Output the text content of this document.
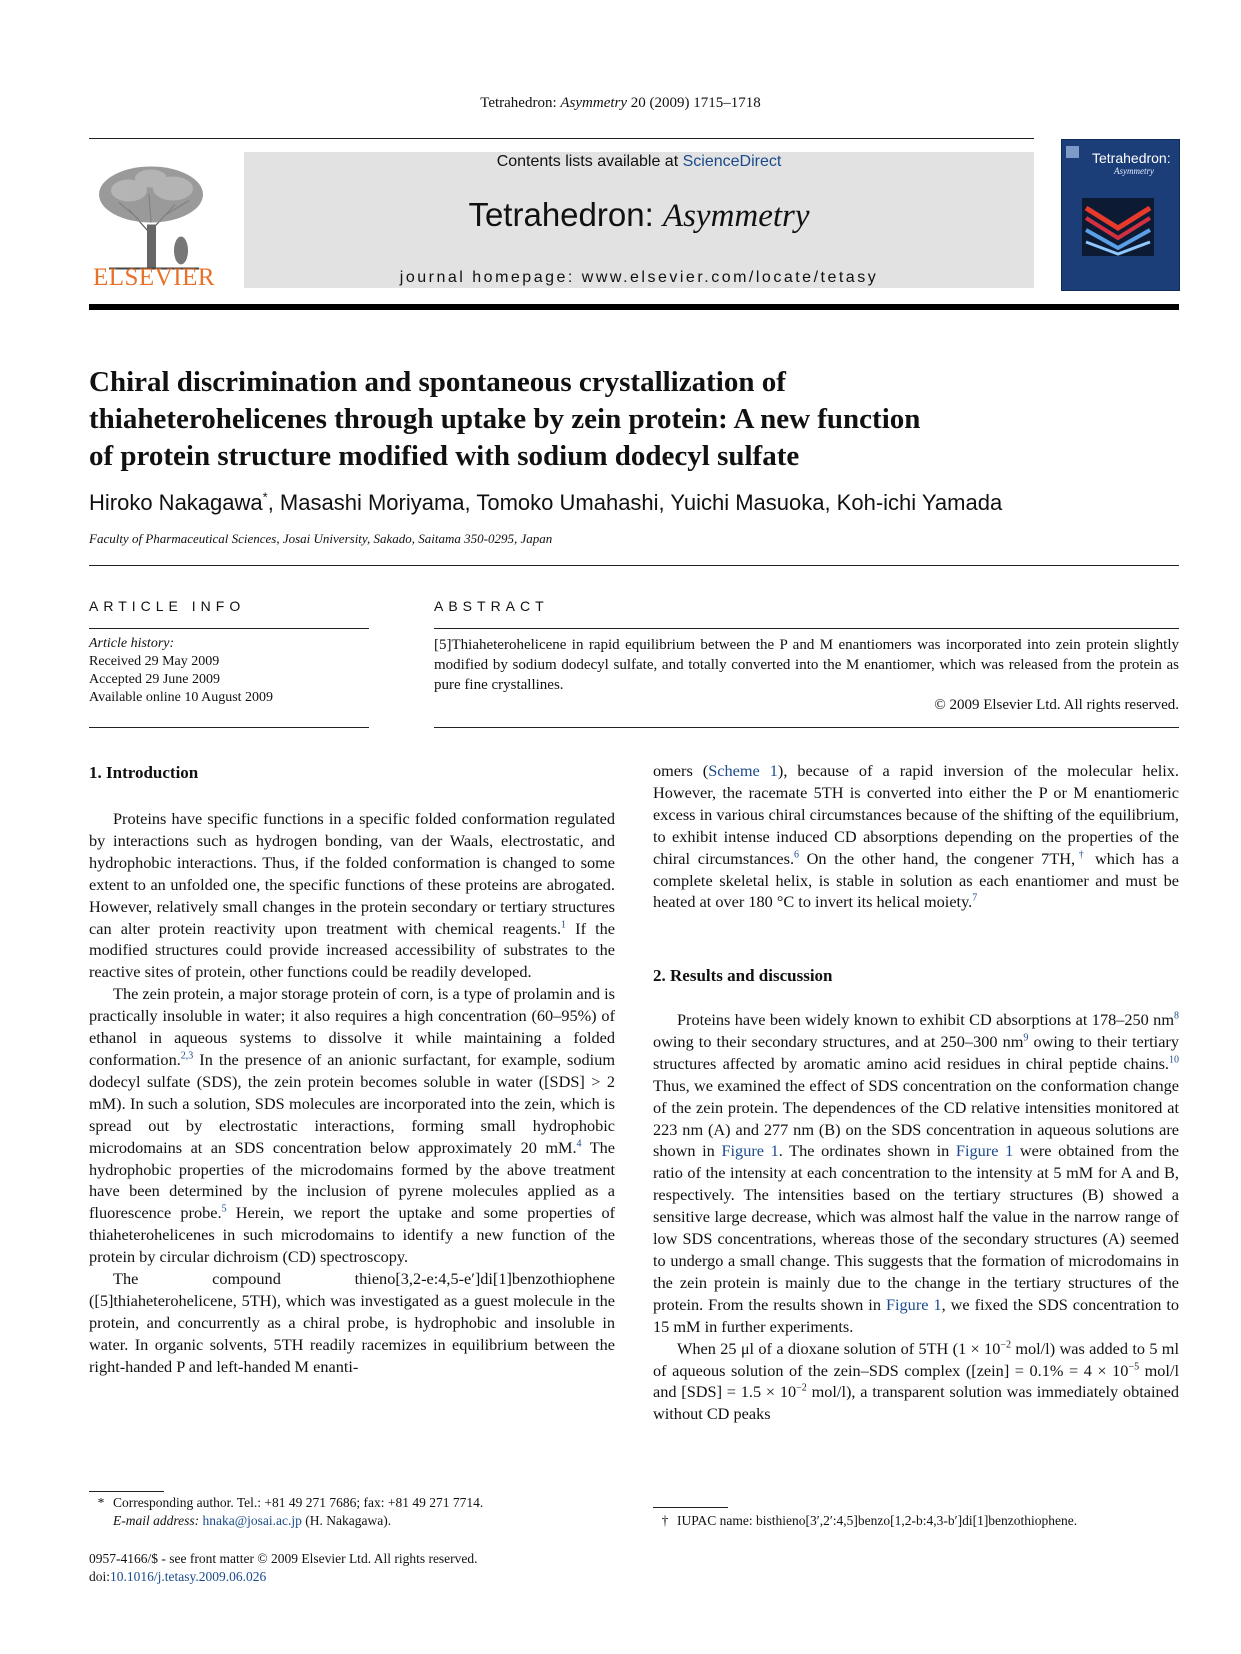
Tetrahedron: Asymmetry 20 (2009) 1715–1718
ELSEVIER
Contents lists available at ScienceDirect
Tetrahedron: Asymmetry
journal homepage: www.elsevier.com/locate/tetasy
Tetrahedron:
Asymmetry
Chiral discrimination and spontaneous crystallization of
thiaheterohelicenes through uptake by zein protein: A new function
of protein structure modified with sodium dodecyl sulfate
Hiroko Nakagawa*, Masashi Moriyama, Tomoko Umahashi, Yuichi Masuoka, Koh-ichi Yamada
Faculty of Pharmaceutical Sciences, Josai University, Sakado, Saitama 350-0295, Japan
ARTICLE INFO
Article history:
Received 29 May 2009
Accepted 29 June 2009
Available online 10 August 2009
ABSTRACT
[5]Thiaheterohelicene in rapid equilibrium between the P and M enantiomers was incorporated into zein protein slightly modified by sodium dodecyl sulfate, and totally converted into the M enantiomer, which was released from the protein as pure fine crystallines.
© 2009 Elsevier Ltd. All rights reserved.
1. Introduction

Proteins have specific functions in a specific folded conformation regulated by interactions such as hydrogen bonding, van der Waals, electrostatic, and hydrophobic interactions. Thus, if the folded conformation is changed to some extent to an unfolded one, the specific functions of these proteins are abrogated. However, relatively small changes in the protein secondary or tertiary structures can alter protein reactivity upon treatment with chemical reagents.$^1$ If the modified structures could provide increased accessibility of substrates to the reactive sites of protein, other functions could be readily developed.

The zein protein, a major storage protein of corn, is a type of prolamin and is practically insoluble in water; it also requires a high concentration (60–95%) of ethanol in aqueous systems to dissolve it while maintaining a folded conformation.$^{2,3}$ In the presence of an anionic surfactant, for example, sodium dodecyl sulfate (SDS), the zein protein becomes soluble in water ([SDS] > 2 mM). In such a solution, SDS molecules are incorporated into the zein, which is spread out by electrostatic interactions, forming small hydrophobic microdomains at an SDS concentration below approximately 20 mM.$^4$ The hydrophobic properties of the microdomains formed by the above treatment have been determined by the inclusion of pyrene molecules applied as a fluorescence probe.$^5$ Herein, we report the uptake and some properties of thiaheterohelicenes in such microdomains to identify a new function of the protein by circular dichroism (CD) spectroscopy.

The compound thieno[3,2-e:4,5-e′]di[1]benzothiophene ([5]thiaheterohelicene, 5TH), which was investigated as a guest molecule in the protein, and concurrently as a chiral probe, is hydrophobic and insoluble in water. In organic solvents, 5TH readily racemizes in equilibrium between the right-handed P and left-handed M enanti-

* Corresponding author. Tel.: +81 49 271 7686; fax: +81 49 271 7714.
E-mail address: hnaka@josai.ac.jp (H. Nakagawa).
0957-4166/$ - see front matter © 2009 Elsevier Ltd. All rights reserved.
doi:10.1016/j.tetasy.2009.06.026

omers (Scheme 1), because of a rapid inversion of the molecular helix. However, the racemate 5TH is converted into either the P or M enantiomeric excess in various chiral circumstances because of the shifting of the equilibrium, to exhibit intense induced CD absorptions depending on the properties of the chiral circumstances.$^6$ On the other hand, the congener 7TH,† which has a complete skeletal helix, is stable in solution as each enantiomer and must be heated at over 180 °C to invert its helical moiety.$^7$

2. Results and discussion

Proteins have been widely known to exhibit CD absorptions at 178–250 nm$^8$ owing to their secondary structures, and at 250–300 nm$^9$ owing to their tertiary structures affected by aromatic amino acid residues in chiral peptide chains.$^{10}$ Thus, we examined the effect of SDS concentration on the conformation change of the zein protein. The dependences of the CD relative intensities monitored at 223 nm (A) and 277 nm (B) on the SDS concentration in aqueous solutions are shown in Figure 1. The ordinates shown in Figure 1 were obtained from the ratio of the intensity at each concentration to the intensity at 5 mM for A and B, respectively. The intensities based on the tertiary structures (B) showed a sensitive large decrease, which was almost half the value in the narrow range of low SDS concentrations, whereas those of the secondary structures (A) seemed to undergo a small change. This suggests that the formation of microdomains in the zein protein is mainly due to the change in the tertiary structures of the protein. From the results shown in Figure 1, we fixed the SDS concentration to 15 mM in further experiments.

When 25 μl of a dioxane solution of 5TH ($1 \times 10^{-2}$ mol/l) was added to 5 ml of aqueous solution of the zein–SDS complex ([zein] = $0.1\% = 4 \times 10^{-5}$ mol/l and $[SDS] = 1.5 \times 10^{-2}$ mol/l), a transparent solution was immediately obtained without CD peaks

† IUPAC name: bisthieno[3′,2′:4,5]benzo[1,2-b:4,3-b′]di[1]benzothiophene.
